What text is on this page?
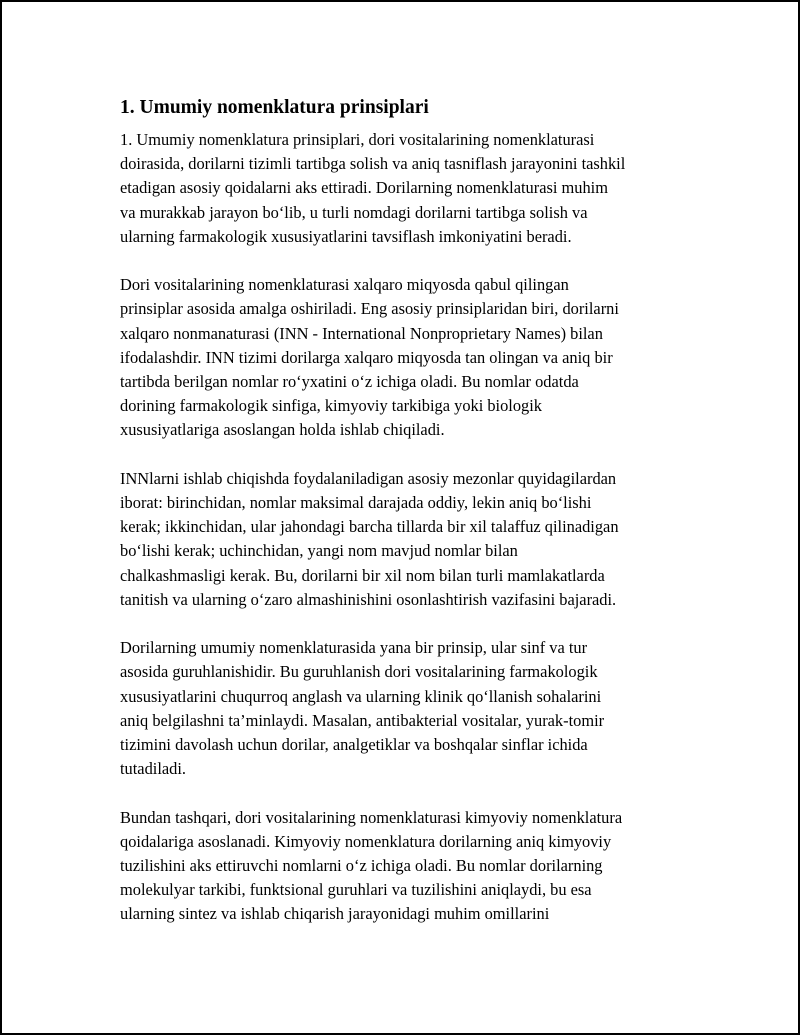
1. Umumiy nomenklatura prinsiplari

1. Umumiy nomenklatura prinsiplari, dori vositalarining nomenklaturasi
doirasida, dorilarni tizimli tartibga solish va aniq tasniflash jarayonini tashkil
etadigan asosiy qoidalarni aks ettiradi. Dorilarning nomenklaturasi muhim
va murakkab jarayon bo‘lib, u turli nomdagi dorilarni tartibga solish va
ularning farmakologik xususiyatlarini tavsiflash imkoniyatini beradi.

Dori vositalarining nomenklaturasi xalqaro miqyosda qabul qilingan
prinsiplar asosida amalga oshiriladi. Eng asosiy prinsiplaridan biri, dorilarni
xalqaro nonmanaturasi (INN - International Nonproprietary Names) bilan
ifodalashdir. INN tizimi dorilarga xalqaro miqyosda tan olingan va aniq bir
tartibda berilgan nomlar ro‘yxatini o‘z ichiga oladi. Bu nomlar odatda
dorining farmakologik sinfiga, kimyoviy tarkibiga yoki biologik
xususiyatlariga asoslangan holda ishlab chiqiladi.

INNlarni ishlab chiqishda foydalaniladigan asosiy mezonlar quyidagilardan
iborat: birinchidan, nomlar maksimal darajada oddiy, lekin aniq bo‘lishi
kerak; ikkinchidan, ular jahondagi barcha tillarda bir xil talaffuz qilinadigan
bo‘lishi kerak; uchinchidan, yangi nom mavjud nomlar bilan
chalkashmasligi kerak. Bu, dorilarni bir xil nom bilan turli mamlakatlarda
tanitish va ularning o‘zaro almashinishini osonlashtirish vazifasini bajaradi.

Dorilarning umumiy nomenklaturasida yana bir prinsip, ular sinf va tur
asosida guruhlanishidir. Bu guruhlanish dori vositalarining farmakologik
xususiyatlarini chuqurroq anglash va ularning klinik qo‘llanish sohalarini
aniq belgilashni ta’minlaydi. Masalan, antibakterial vositalar, yurak-tomir
tizimini davolash uchun dorilar, analgetiklar va boshqalar sinflar ichida
tutadiladi.

Bundan tashqari, dori vositalarining nomenklaturasi kimyoviy nomenklatura
qoidalariga asoslanadi. Kimyoviy nomenklatura dorilarning aniq kimyoviy
tuzilishini aks ettiruvchi nomlarni o‘z ichiga oladi. Bu nomlar dorilarning
molekulyar tarkibi, funktsional guruhlari va tuzilishini aniqlaydi, bu esa
ularning sintez va ishlab chiqarish jarayonidagi muhim omillarini
